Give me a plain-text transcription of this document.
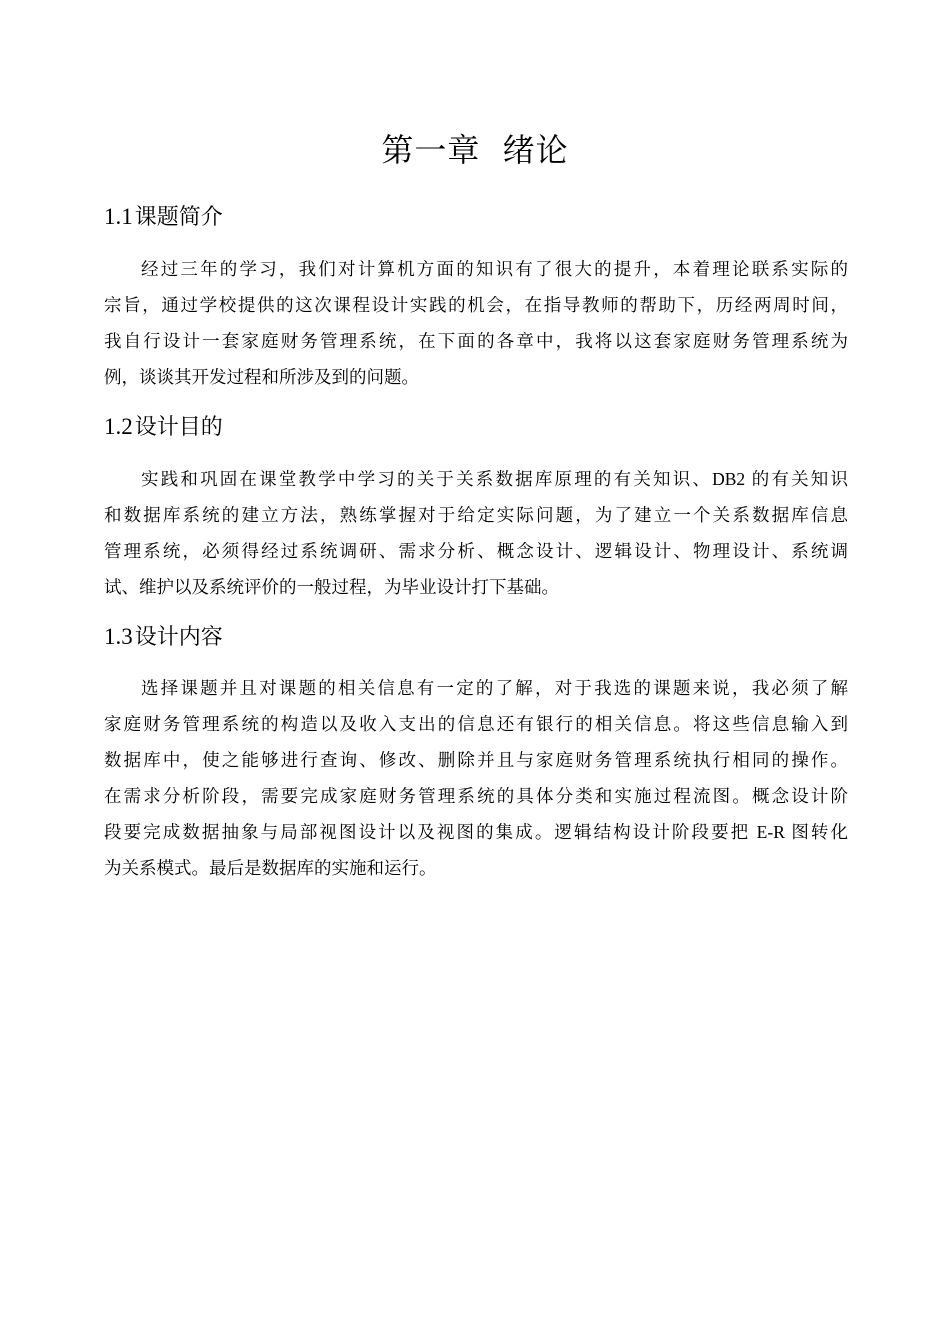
第一章  绪论
1.1课题简介
经过三年的学习，我们对计算机方面的知识有了很大的提升，本着理论联系实际的
宗旨，通过学校提供的这次课程设计实践的机会，在指导教师的帮助下，历经两周时间，
我自行设计一套家庭财务管理系统，在下面的各章中，我将以这套家庭财务管理系统为
例，谈谈其开发过程和所涉及到的问题。
1.2设计目的
实践和巩固在课堂教学中学习的关于关系数据库原理的有关知识、DB2 的有关知识
和数据库系统的建立方法，熟练掌握对于给定实际问题，为了建立一个关系数据库信息
管理系统，必须得经过系统调研、需求分析、概念设计、逻辑设计、物理设计、系统调
试、维护以及系统评价的一般过程，为毕业设计打下基础。
1.3设计内容
选择课题并且对课题的相关信息有一定的了解，对于我选的课题来说，我必须了解
家庭财务管理系统的构造以及收入支出的信息还有银行的相关信息。将这些信息输入到
数据库中，使之能够进行查询、修改、删除并且与家庭财务管理系统执行相同的操作。
在需求分析阶段，需要完成家庭财务管理系统的具体分类和实施过程流图。概念设计阶
段要完成数据抽象与局部视图设计以及视图的集成。逻辑结构设计阶段要把 E-R 图转化
为关系模式。最后是数据库的实施和运行。
